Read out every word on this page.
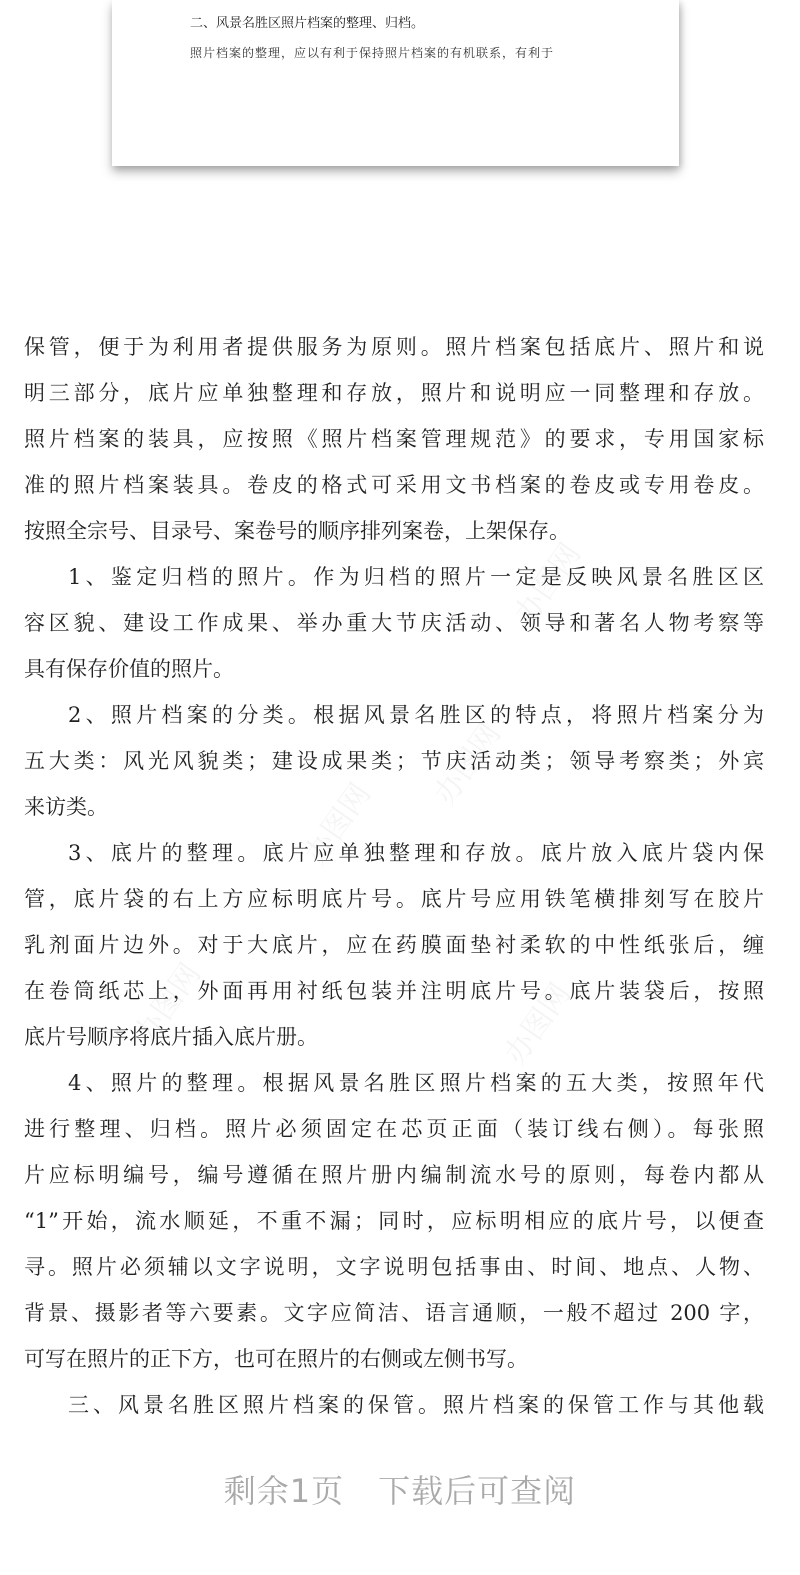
二、风景名胜区照片档案的整理、归档。
照片档案的整理，应以有利于保持照片档案的有机联系，有利于
保管，便于为利用者提供服务为原则。照片档案包括底片、照片和说
明三部分，底片应单独整理和存放，照片和说明应一同整理和存放。
照片档案的装具，应按照《照片档案管理规范》的要求，专用国家标
准的照片档案装具。卷皮的格式可采用文书档案的卷皮或专用卷皮。
按照全宗号、目录号、案卷号的顺序排列案卷，上架保存。
1、鉴定归档的照片。作为归档的照片一定是反映风景名胜区区
容区貌、建设工作成果、举办重大节庆活动、领导和著名人物考察等
具有保存价值的照片。
2、照片档案的分类。根据风景名胜区的特点，将照片档案分为
五大类：风光风貌类；建设成果类；节庆活动类；领导考察类；外宾
来访类。
3、底片的整理。底片应单独整理和存放。底片放入底片袋内保
管，底片袋的右上方应标明底片号。底片号应用铁笔横排刻写在胶片
乳剂面片边外。对于大底片，应在药膜面垫衬柔软的中性纸张后，缠
在卷筒纸芯上，外面再用衬纸包装并注明底片号。底片装袋后，按照
底片号顺序将底片插入底片册。
4、照片的整理。根据风景名胜区照片档案的五大类，按照年代
进行整理、归档。照片必须固定在芯页正面（装订线右侧）。每张照
片应标明编号，编号遵循在照片册内编制流水号的原则，每卷内都从
“1”开始，流水顺延，不重不漏；同时，应标明相应的底片号，以便查
寻。照片必须辅以文字说明，文字说明包括事由、时间、地点、人物、
背景、摄影者等六要素。文字应简洁、语言通顺，一般不超过 200 字，
可写在照片的正下方，也可在照片的右侧或左侧书写。
三、风景名胜区照片档案的保管。照片档案的保管工作与其他载
剩余1页 下载后可查阅
